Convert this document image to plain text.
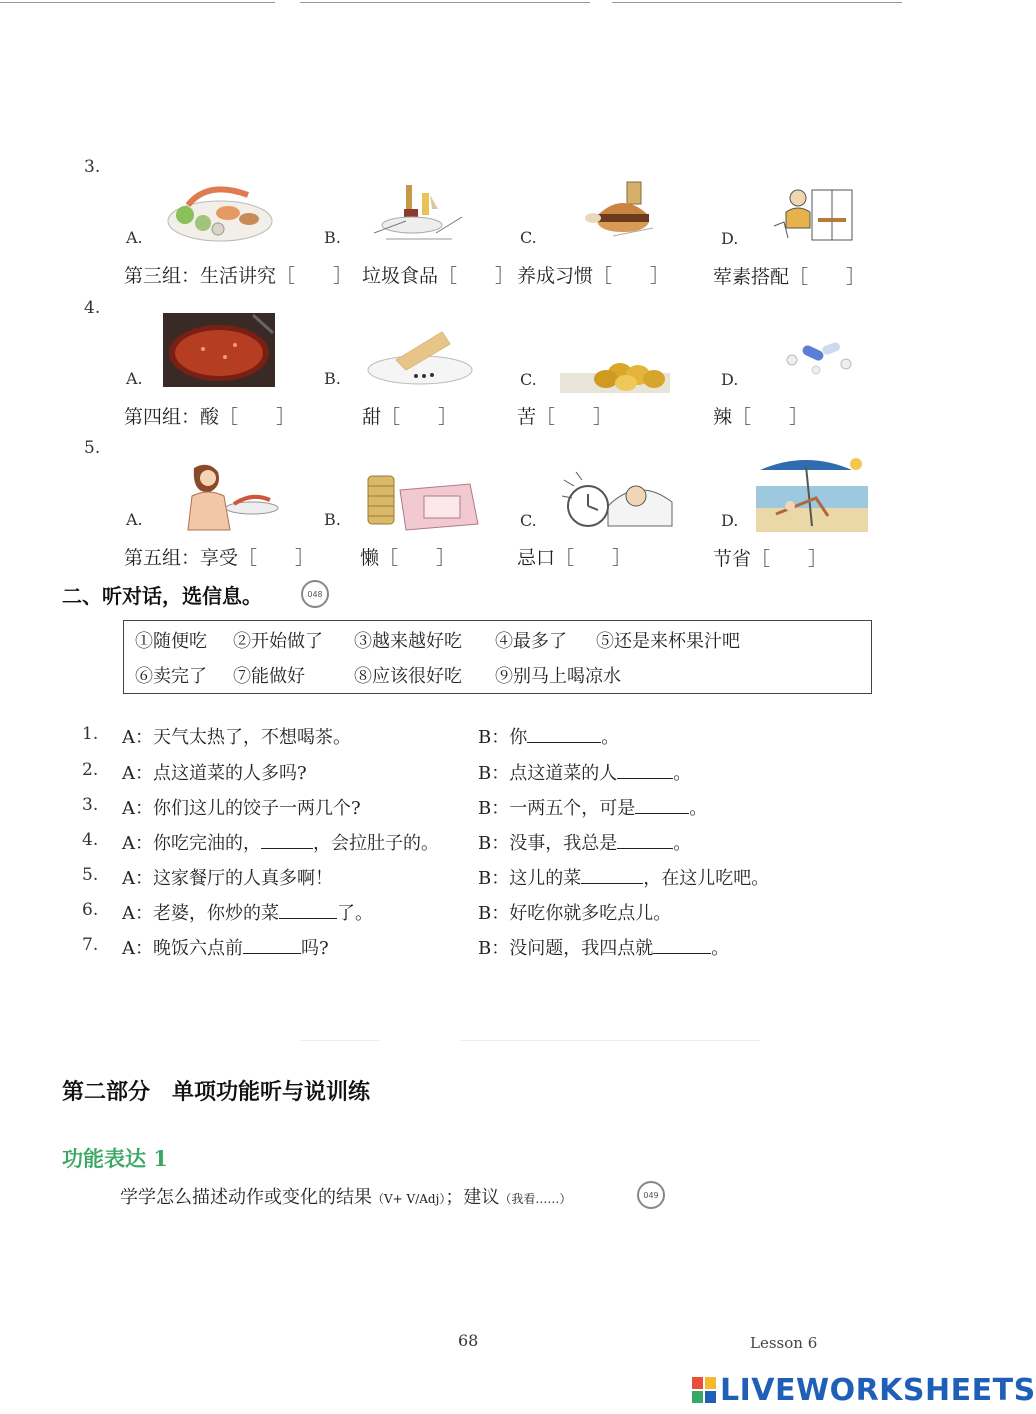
3.
A.	B.	C.	D.
第三组：生活讲究［　　］ 垃圾食品［　　］ 养成习惯［　　］ 荤素搭配［　　］
4.
A.	B.	C.	D.
第四组：酸［　　］	甜［　　］	苦［　　］	辣［　　］
5.
A.	B.	C.	D.
第五组：享受［　　］ 懒［　　］	忌口［　　］	节省［　　］
二、听对话，选信息。	048
①随便吃 ②开始做了 ③越来越好吃 ④最多了 ⑤还是来杯果汁吧
⑥卖完了 ⑦能做好	⑧应该很好吃 ⑨别马上喝凉水
1. A：天气太热了，不想喝茶。	B：你	。
2. A：点这道菜的人多吗?	B：点这道菜的人	。
3. A：你们这儿的饺子一两几个?	B：一两五个，可是	。
4. A：你吃完油的，	，会拉肚子的。 B：没事，我总是	。
5. A：这家餐厅的人真多啊！	B：这儿的菜	，在这儿吃吧。
6. A：老婆，你炒的菜	了。	B：好吃你就多吃点儿。
7. A：晚饭六点前	吗?	B：没问题，我四点就	。
第二部分　单项功能听与说训练
功能表达 1
学学怎么描述动作或变化的结果（V+ V/Adj）；建议（我看……）	049
68	Lesson 6
LIVEWORKSHEETS
